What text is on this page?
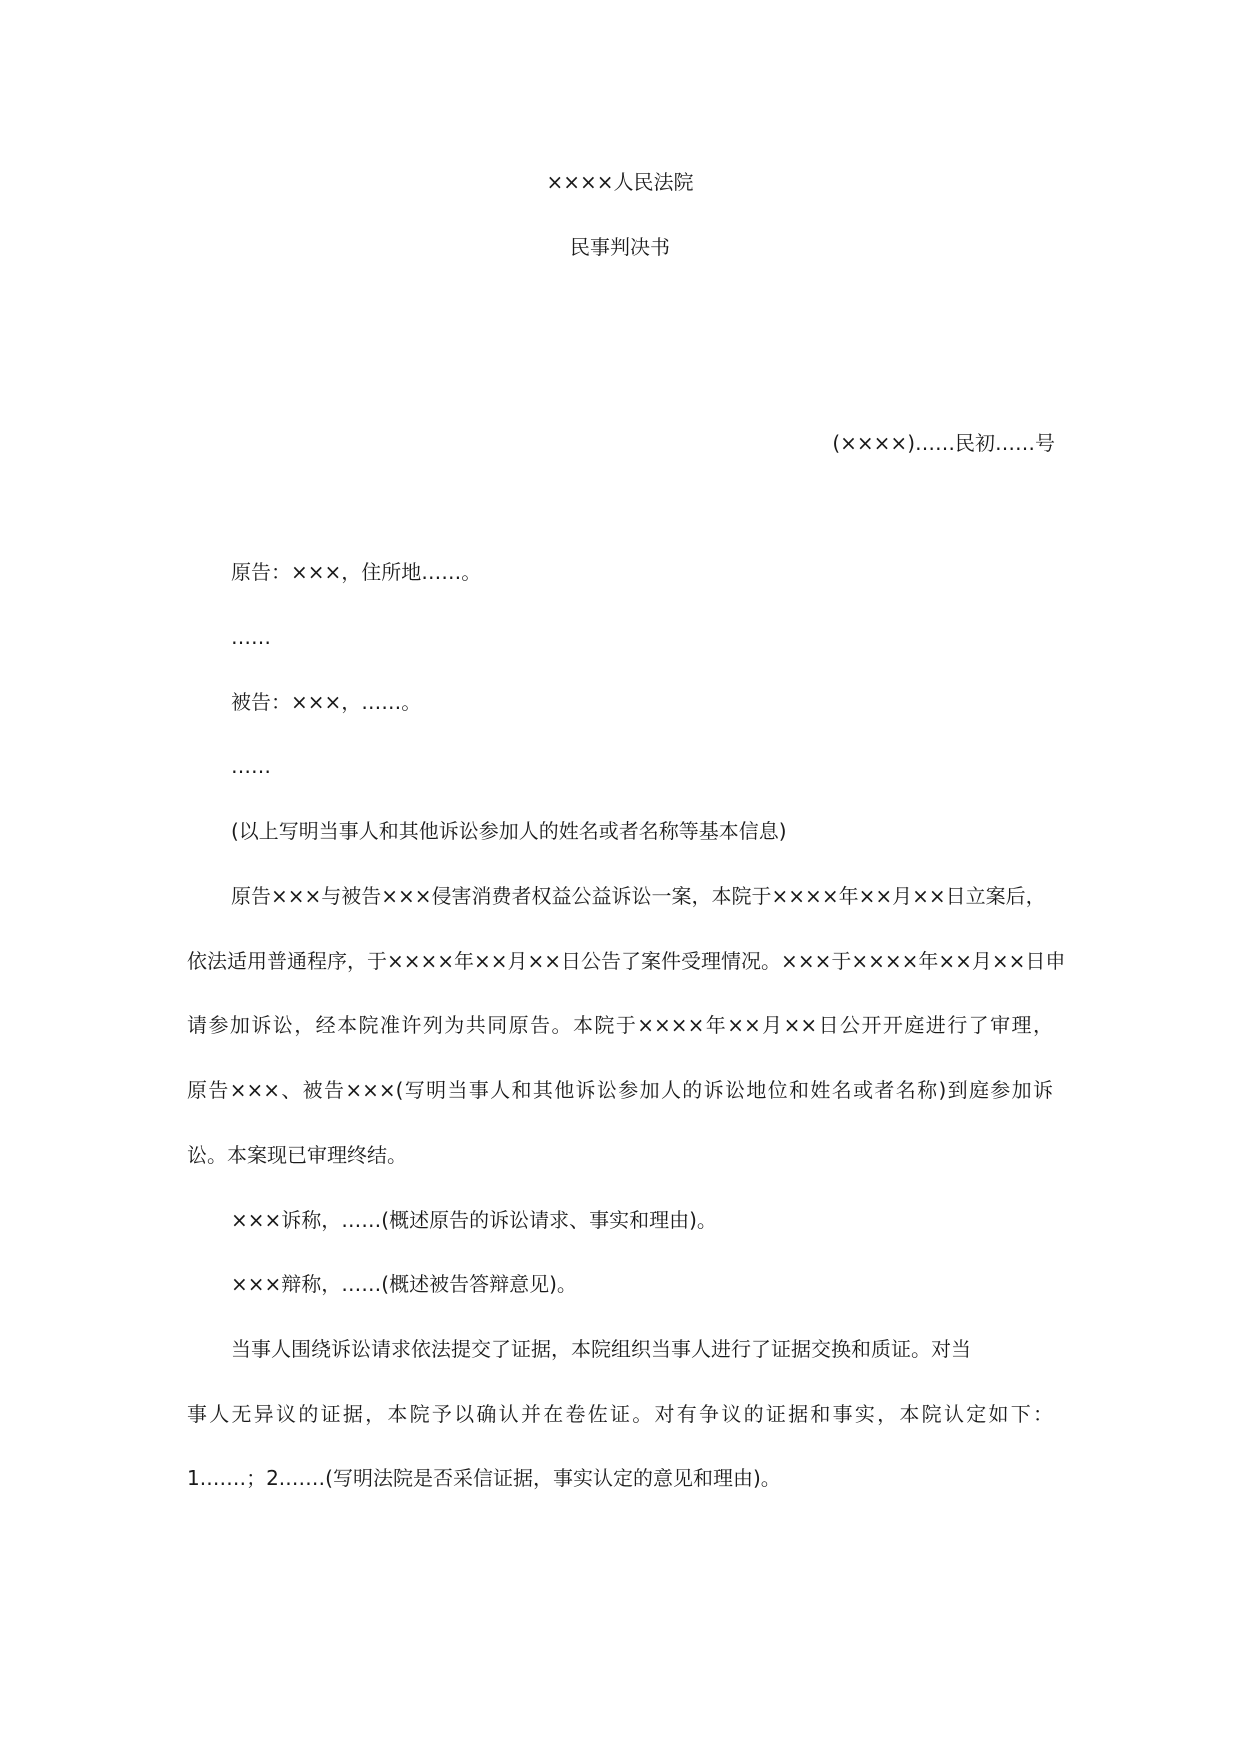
××××人民法院
民事判决书
(××××)……民初……号
原告：×××，住所地……。
……
被告：×××，……。
……
(以上写明当事人和其他诉讼参加人的姓名或者名称等基本信息)
原告×××与被告×××侵害消费者权益公益诉讼一案，本院于××××年××月××日立案后，
依法适用普通程序，于××××年××月××日公告了案件受理情况。×××于××××年××月××日申
请参加诉讼，经本院准许列为共同原告。本院于××××年××月××日公开开庭进行了审理，
原告×××、被告×××(写明当事人和其他诉讼参加人的诉讼地位和姓名或者名称)到庭参加诉
讼。本案现已审理终结。
×××诉称，……(概述原告的诉讼请求、事实和理由)。
×××辩称，……(概述被告答辩意见)。
当事人围绕诉讼请求依法提交了证据，本院组织当事人进行了证据交换和质证。对当
事人无异议的证据，本院予以确认并在卷佐证。对有争议的证据和事实，本院认定如下：
1.……；2.……(写明法院是否采信证据，事实认定的意见和理由)。
